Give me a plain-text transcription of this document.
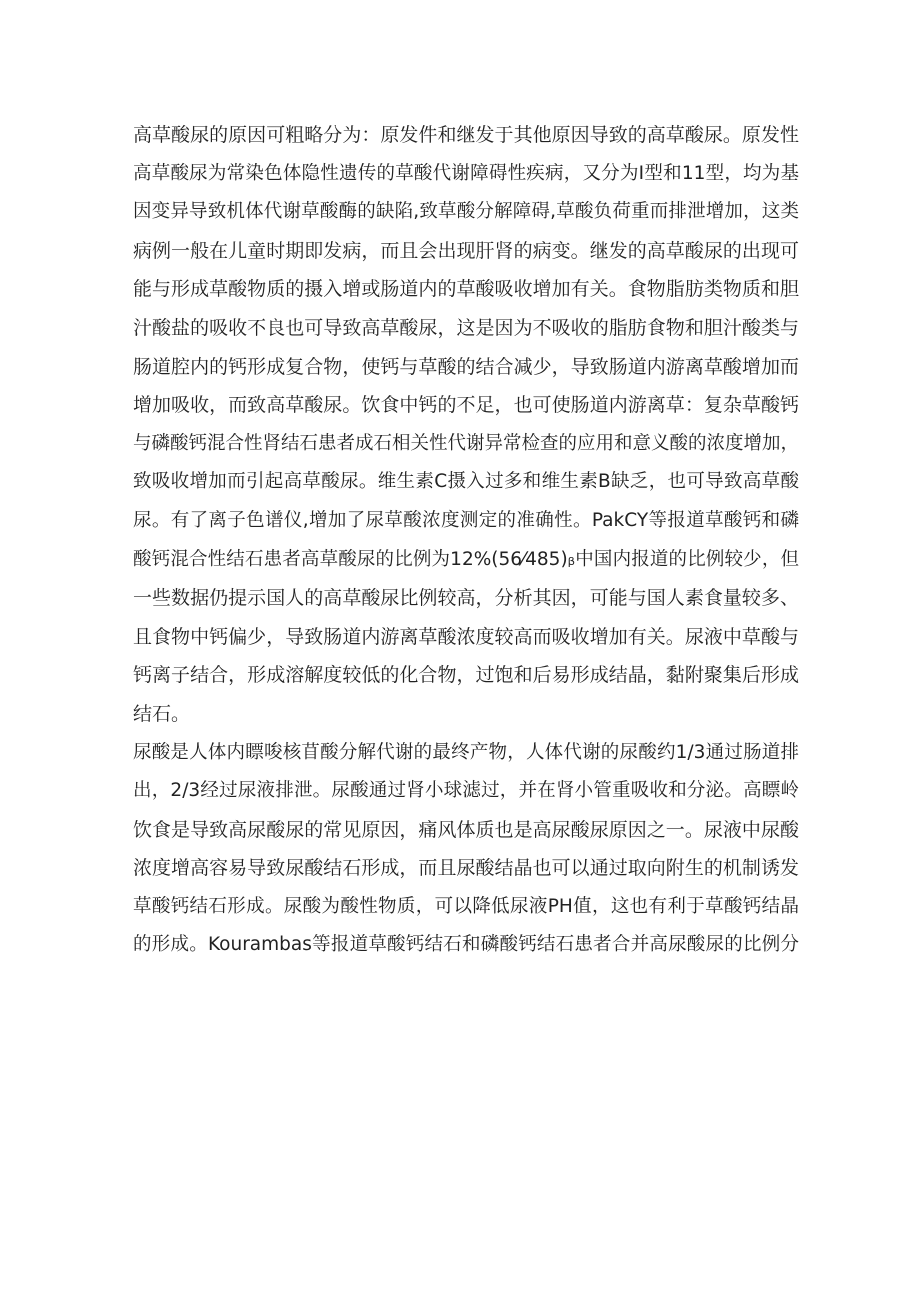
高草酸尿的原因可粗略分为：原发件和继发于其他原因导致的高草酸尿。原发性
高草酸尿为常染色体隐性遗传的草酸代谢障碍性疾病，又分为I型和11型，均为基
因变异导致机体代谢草酸酶的缺陷,致草酸分解障碍,草酸负荷重而排泄增加，这类
病例一般在儿童时期即发病，而且会出现肝肾的病变。继发的高草酸尿的出现可
能与形成草酸物质的摄入增或肠道内的草酸吸收增加有关。食物脂肪类物质和胆
汁酸盐的吸收不良也可导致高草酸尿，这是因为不吸收的脂肪食物和胆汁酸类与
肠道腔内的钙形成复合物，使钙与草酸的结合减少，导致肠道内游离草酸增加而
增加吸收，而致高草酸尿。饮食中钙的不足，也可使肠道内游离草：复杂草酸钙
与磷酸钙混合性肾结石患者成石相关性代谢异常检查的应用和意义酸的浓度增加，
致吸收增加而引起高草酸尿。维生素C摄入过多和维生素B缺乏，也可导致高草酸
尿。有了离子色谱仪,增加了尿草酸浓度测定的准确性。PakCY等报道草酸钙和磷
酸钙混合性结石患者高草酸尿的比例为12%(56⁄485)ᵦ中国内报道的比例较少，但
一些数据仍提示国人的高草酸尿比例较高，分析其因，可能与国人素食量较多、
且食物中钙偏少，导致肠道内游离草酸浓度较高而吸收增加有关。尿液中草酸与
钙离子结合，形成溶解度较低的化合物，过饱和后易形成结晶，黏附聚集后形成
结石。
尿酸是人体内瞟唆核苜酸分解代谢的最终产物，人体代谢的尿酸约1/3通过肠道排
出，2/3经过尿液排泄。尿酸通过肾小球滤过，并在肾小管重吸收和分泌。高瞟岭
饮食是导致高尿酸尿的常见原因，痛风体质也是高尿酸尿原因之一。尿液中尿酸
浓度增高容易导致尿酸结石形成，而且尿酸结晶也可以通过取向附生的机制诱发
草酸钙结石形成。尿酸为酸性物质，可以降低尿液PH值，这也有利于草酸钙结晶
的形成。Kourambas等报道草酸钙结石和磷酸钙结石患者合并高尿酸尿的比例分
